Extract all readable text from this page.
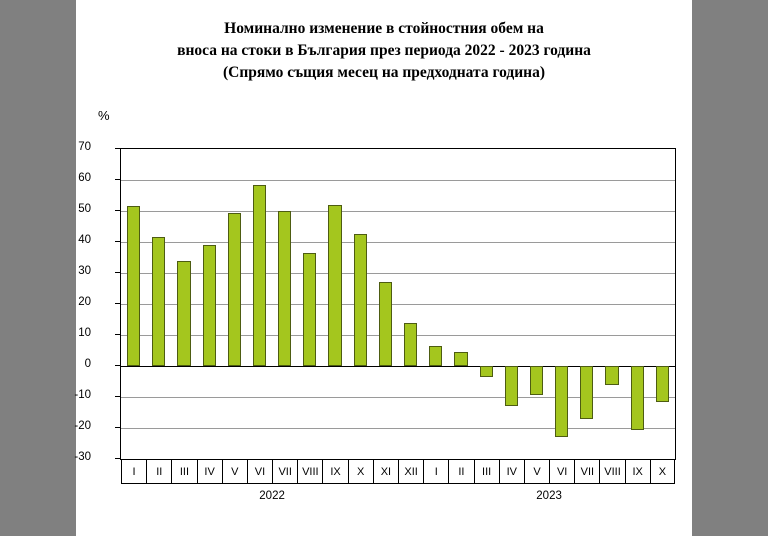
Номинално изменение в стойностния обем на
вноса на стоки в България през периода 2022 - 2023 година
(Спрямо същия месец на предходната година)
%
70
60
50
40
30
20
10
0
-10
-20
-30
I	II	III	IV	V	VI	VII VIII	IX	X	XI	XII	I	II	III	IV	V	VI	VII VIII	IX	X
2022	2023
